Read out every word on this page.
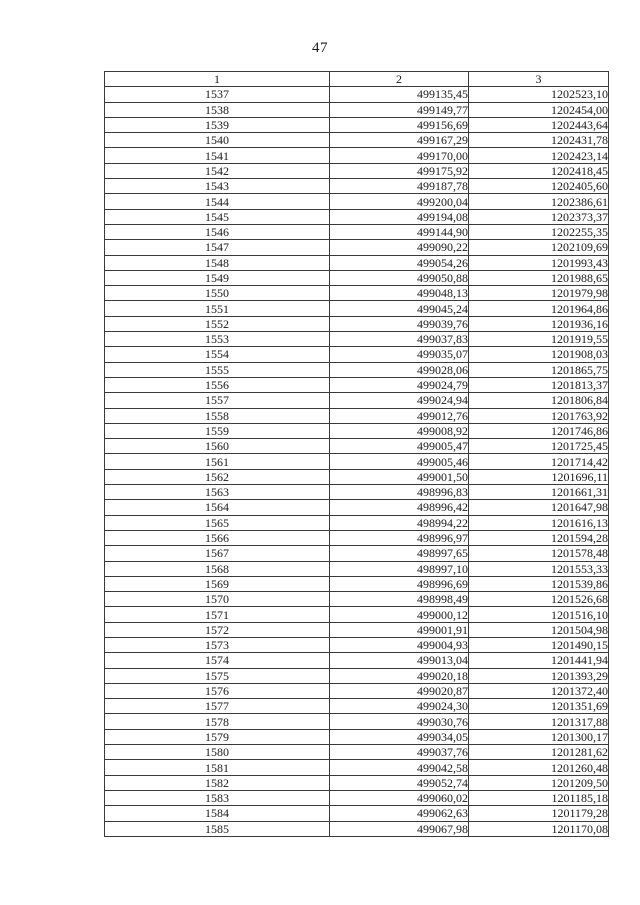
47
1	2	3
1537	499135,45	1202523,10
1538	499149,77	1202454,00
1539	499156,69	1202443,64
1540	499167,29	1202431,78
1541	499170,00	1202423,14
1542	499175,92	1202418,45
1543	499187,78	1202405,60
1544	499200,04	1202386,61
1545	499194,08	1202373,37
1546	499144,90	1202255,35
1547	499090,22	1202109,69
1548	499054,26	1201993,43
1549	499050,88	1201988,65
1550	499048,13	1201979,98
1551	499045,24	1201964,86
1552	499039,76	1201936,16
1553	499037,83	1201919,55
1554	499035,07	1201908,03
1555	499028,06	1201865,75
1556	499024,79	1201813,37
1557	499024,94	1201806,84
1558	499012,76	1201763,92
1559	499008,92	1201746,86
1560	499005,47	1201725,45
1561	499005,46	1201714,42
1562	499001,50	1201696,11
1563	498996,83	1201661,31
1564	498996,42	1201647,98
1565	498994,22	1201616,13
1566	498996,97	1201594,28
1567	498997,65	1201578,48
1568	498997,10	1201553,33
1569	498996,69	1201539,86
1570	498998,49	1201526,68
1571	499000,12	1201516,10
1572	499001,91	1201504,98
1573	499004,93	1201490,15
1574	499013,04	1201441,94
1575	499020,18	1201393,29
1576	499020,87	1201372,40
1577	499024,30	1201351,69
1578	499030,76	1201317,88
1579	499034,05	1201300,17
1580	499037,76	1201281,62
1581	499042,58	1201260,48
1582	499052,74	1201209,50
1583	499060,02	1201185,18
1584	499062,63	1201179,28
1585	499067,98	1201170,08
